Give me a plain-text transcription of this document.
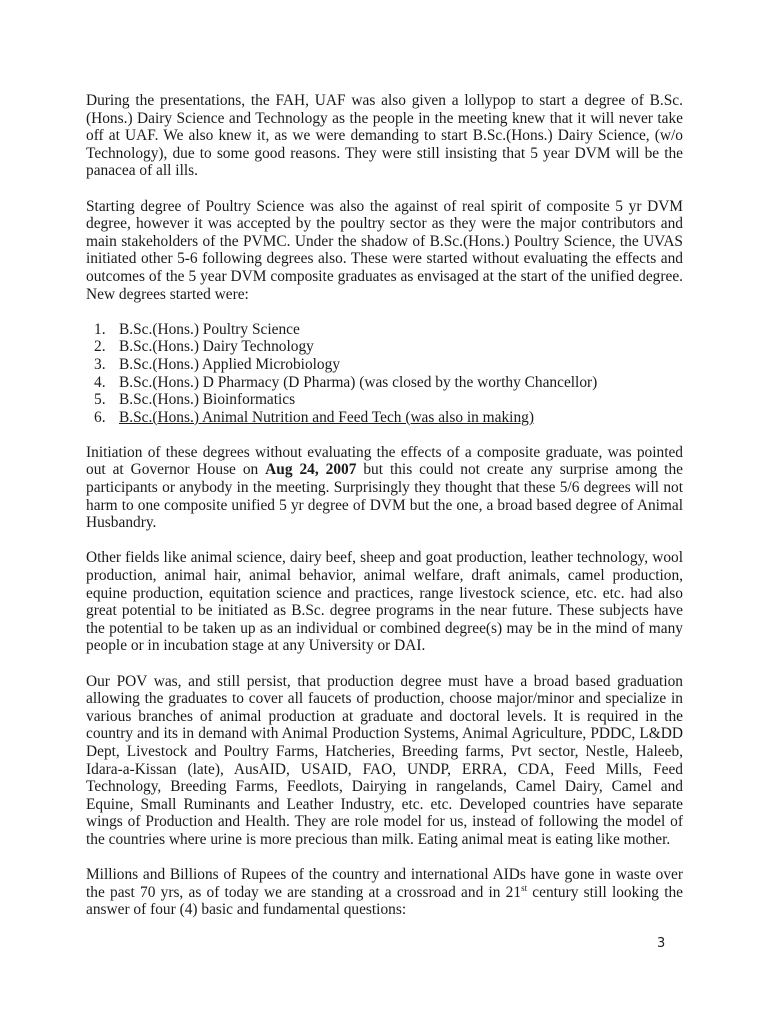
During the presentations, the FAH, UAF was also given a lollypop to start a degree of B.Sc.(Hons.) Dairy Science and Technology as the people in the meeting knew that it will never take off at UAF. We also knew it, as we were demanding to start B.Sc.(Hons.) Dairy Science, (w/o Technology), due to some good reasons. They were still insisting that 5 year DVM will be the panacea of all ills.

Starting degree of Poultry Science was also the against of real spirit of composite 5 yr DVM degree, however it was accepted by the poultry sector as they were the major contributors and main stakeholders of the PVMC. Under the shadow of B.Sc.(Hons.) Poultry Science, the UVAS initiated other 5-6 following degrees also. These were started without evaluating the effects and outcomes of the 5 year DVM composite graduates as envisaged at the start of the unified degree. New degrees started were:

1. B.Sc.(Hons.) Poultry Science
2. B.Sc.(Hons.) Dairy Technology
3. B.Sc.(Hons.) Applied Microbiology
4. B.Sc.(Hons.) D Pharmacy (D Pharma) (was closed by the worthy Chancellor)
5. B.Sc.(Hons.) Bioinformatics
6. B.Sc.(Hons.) Animal Nutrition and Feed Tech (was also in making)

Initiation of these degrees without evaluating the effects of a composite graduate, was pointed out at Governor House on Aug 24, 2007 but this could not create any surprise among the participants or anybody in the meeting. Surprisingly they thought that these 5/6 degrees will not harm to one composite unified 5 yr degree of DVM but the one, a broad based degree of Animal Husbandry.

Other fields like animal science, dairy beef, sheep and goat production, leather technology, wool production, animal hair, animal behavior, animal welfare, draft animals, camel production, equine production, equitation science and practices, range livestock science, etc. etc. had also great potential to be initiated as B.Sc. degree programs in the near future. These subjects have the potential to be taken up as an individual or combined degree(s) may be in the mind of many people or in incubation stage at any University or DAI.

Our POV was, and still persist, that production degree must have a broad based graduation allowing the graduates to cover all faucets of production, choose major/minor and specialize in various branches of animal production at graduate and doctoral levels. It is required in the country and its in demand with Animal Production Systems, Animal Agriculture, PDDC, L&DD Dept, Livestock and Poultry Farms, Hatcheries, Breeding farms, Pvt sector, Nestle, Haleeb, Idara-a-Kissan (late), AusAID, USAID, FAO, UNDP, ERRA, CDA, Feed Mills, Feed Technology, Breeding Farms, Feedlots, Dairying in rangelands, Camel Dairy, Camel and Equine, Small Ruminants and Leather Industry, etc. etc. Developed countries have separate wings of Production and Health. They are role model for us, instead of following the model of the countries where urine is more precious than milk. Eating animal meat is eating like mother.

Millions and Billions of Rupees of the country and international AIDs have gone in waste over the past 70 yrs, as of today we are standing at a crossroad and in 21st century still looking the answer of four (4) basic and fundamental questions:

3
